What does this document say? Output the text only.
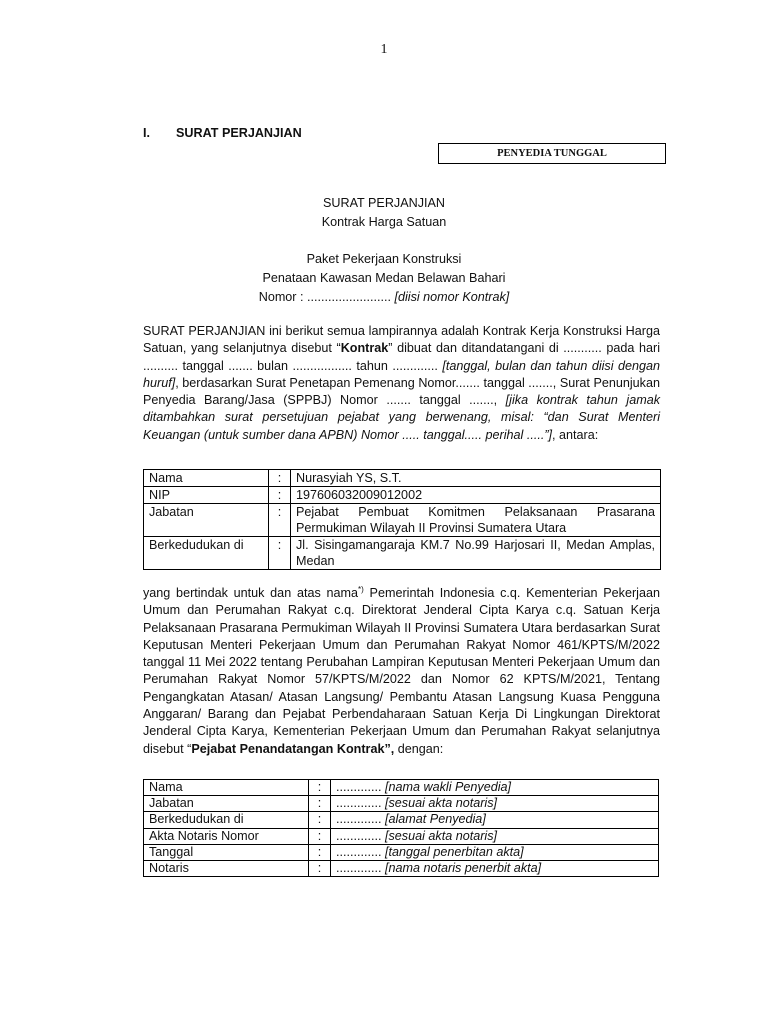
1
I. SURAT PERJANJIAN
PENYEDIA TUNGGAL
SURAT PERJANJIAN
Kontrak Harga Satuan
Paket Pekerjaan Konstruksi
Penataan Kawasan Medan Belawan Bahari
Nomor : ........................ [diisi nomor Kontrak]
SURAT PERJANJIAN ini berikut semua lampirannya adalah Kontrak Kerja Konstruksi Harga Satuan, yang selanjutnya disebut “Kontrak” dibuat dan ditandatangani di ........... pada hari .......... tanggal ....... bulan ................. tahun ............. [tanggal, bulan dan tahun diisi dengan huruf], berdasarkan Surat Penetapan Pemenang Nomor....... tanggal ......., Surat Penunjukan Penyedia Barang/Jasa (SPPBJ) Nomor ....... tanggal ......., [jika kontrak tahun jamak ditambahkan surat persetujuan pejabat yang berwenang, misal: “dan Surat Menteri Keuangan (untuk sumber dana APBN) Nomor ..... tanggal..... perihal .....”], antara:
Nama	:	Nurasyiah YS, S.T.
NIP	:	197606032009012002
Jabatan	:	Pejabat Pembuat Komitmen Pelaksanaan Prasarana Permukiman Wilayah II Provinsi Sumatera Utara
Berkedudukan di	:	Jl. Sisingamangaraja KM.7 No.99 Harjosari II, Medan Amplas, Medan
yang bertindak untuk dan atas nama*) Pemerintah Indonesia c.q. Kementerian Pekerjaan Umum dan Perumahan Rakyat c.q. Direktorat Jenderal Cipta Karya c.q. Satuan Kerja Pelaksanaan Prasarana Permukiman Wilayah II Provinsi Sumatera Utara berdasarkan Surat Keputusan Menteri Pekerjaan Umum dan Perumahan Rakyat Nomor 461/KPTS/M/2022 tanggal 11 Mei 2022 tentang Perubahan Lampiran Keputusan Menteri Pekerjaan Umum dan Perumahan Rakyat Nomor 57/KPTS/M/2022 dan Nomor 62 KPTS/M/2021, Tentang Pengangkatan Atasan/ Atasan Langsung/ Pembantu Atasan Langsung Kuasa Pengguna Anggaran/ Barang dan Pejabat Perbendaharaan Satuan Kerja Di Lingkungan Direktorat Jenderal Cipta Karya, Kementerian Pekerjaan Umum dan Perumahan Rakyat selanjutnya disebut “Pejabat Penandatangan Kontrak”, dengan:
Nama	:	............. [nama wakli Penyedia]
Jabatan	:	............. [sesuai akta notaris]
Berkedudukan di	:	............. [alamat Penyedia]
Akta Notaris Nomor	:	............. [sesuai akta notaris]
Tanggal	:	............. [tanggal penerbitan akta]
Notaris	:	............. [nama notaris penerbit akta]
